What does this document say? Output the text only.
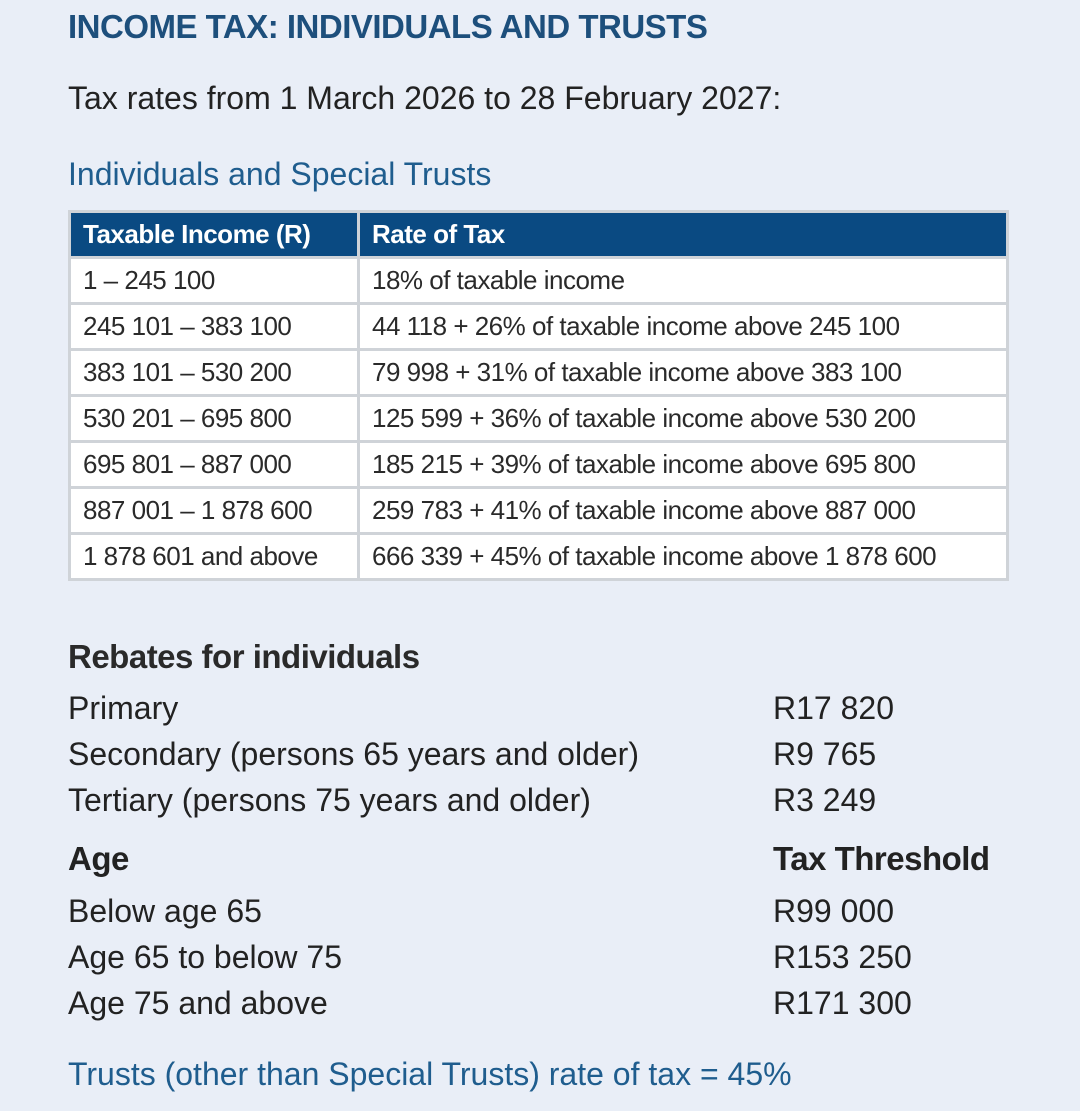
INCOME TAX: INDIVIDUALS AND TRUSTS
Tax rates from 1 March 2026 to 28 February 2027:
Individuals and Special Trusts
Taxable Income (R)	Rate of Tax
1 – 245 100	18% of taxable income
245 101 – 383 100	44 118 + 26% of taxable income above 245 100
383 101 – 530 200	79 998 + 31% of taxable income above 383 100
530 201 – 695 800	125 599 + 36% of taxable income above 530 200
695 801 – 887 000	185 215 + 39% of taxable income above 695 800
887 001 – 1 878 600	259 783 + 41% of taxable income above 887 000
1 878 601 and above	666 339 + 45% of taxable income above 1 878 600
Rebates for individuals
Primary	R17 820
Secondary (persons 65 years and older)	R9 765
Tertiary (persons 75 years and older)	R3 249
Age	Tax Threshold
Below age 65	R99 000
Age 65 to below 75	R153 250
Age 75 and above	R171 300
Trusts (other than Special Trusts) rate of tax = 45%
